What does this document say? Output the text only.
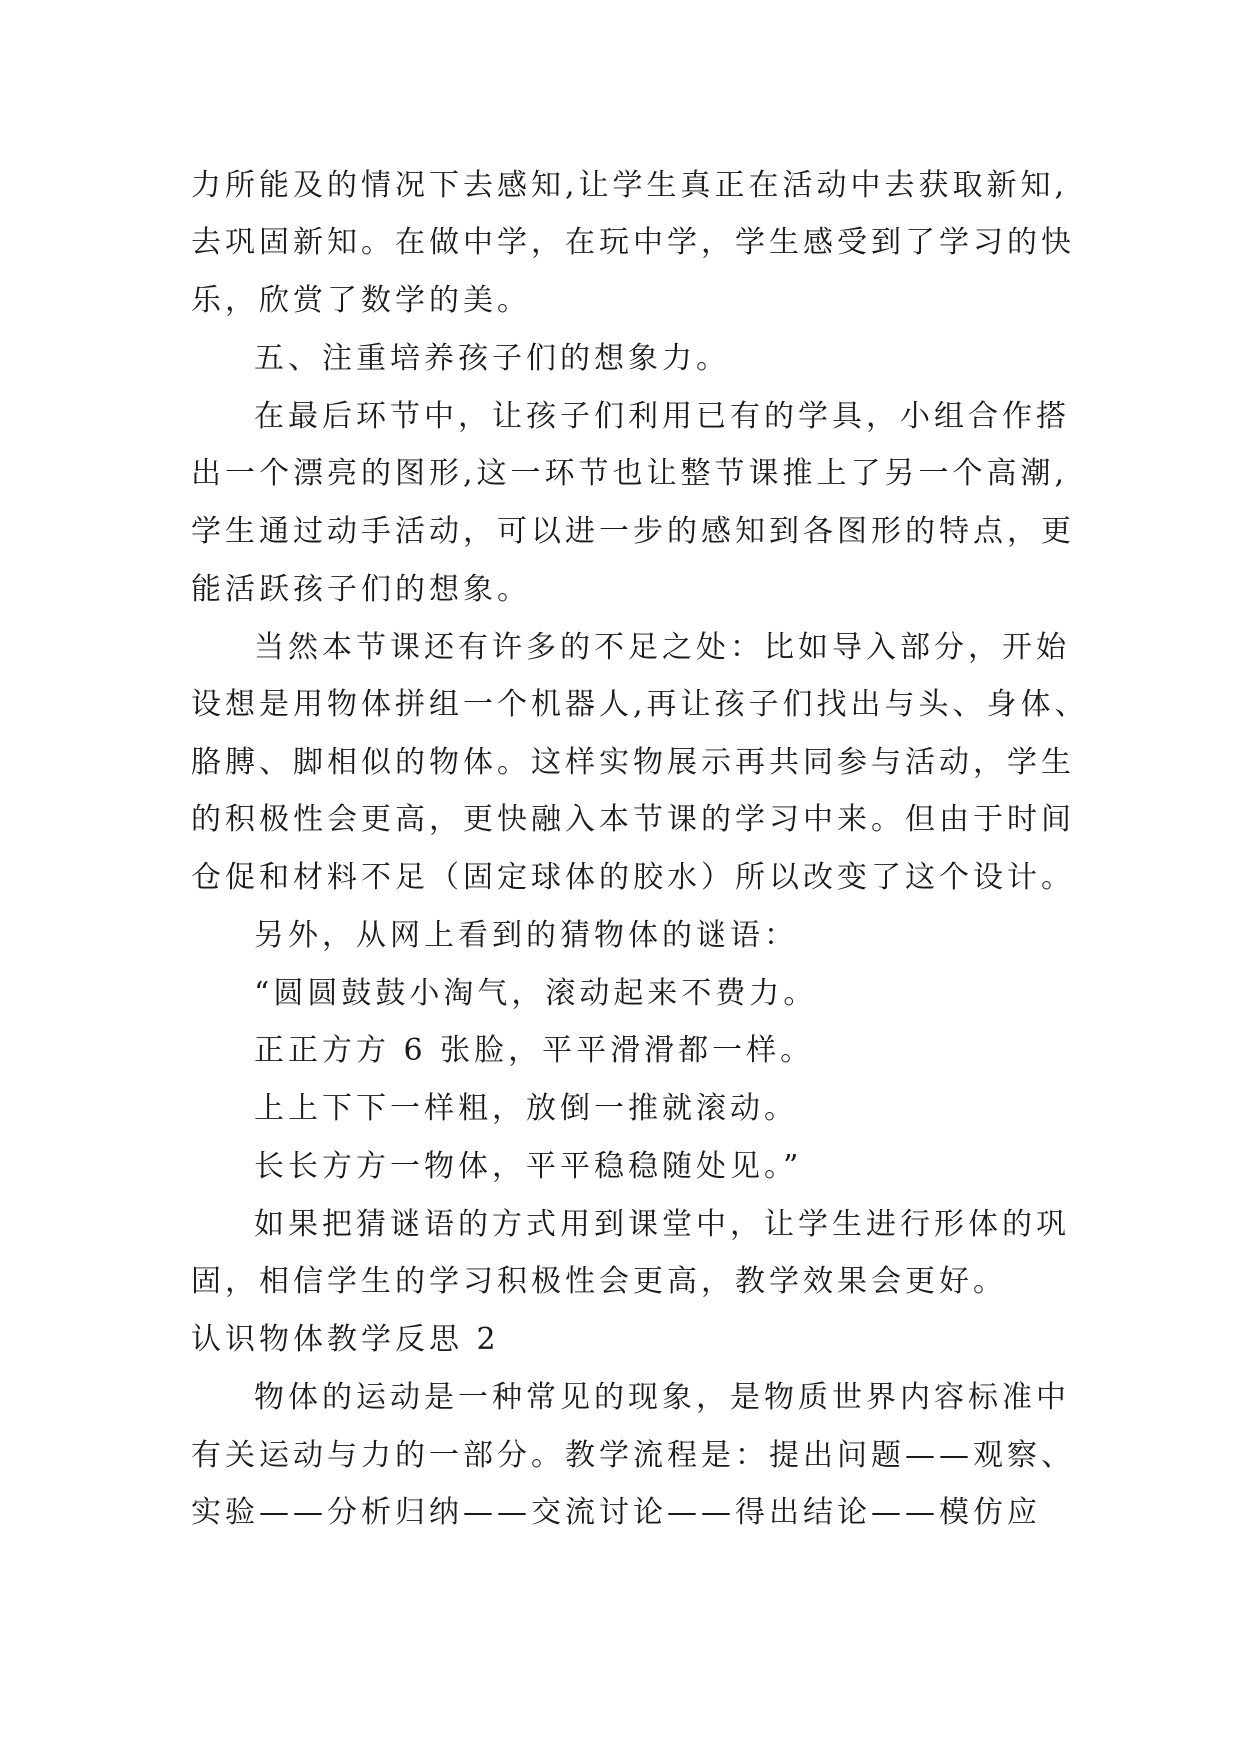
力所能及的情况下去感知,让学生真正在活动中去获取新知,
去巩固新知。在做中学，在玩中学，学生感受到了学习的快
乐，欣赏了数学的美。
五、注重培养孩子们的想象力。
在最后环节中，让孩子们利用已有的学具，小组合作搭
出一个漂亮的图形,这一环节也让整节课推上了另一个高潮,
学生通过动手活动，可以进一步的感知到各图形的特点，更
能活跃孩子们的想象。
当然本节课还有许多的不足之处：比如导入部分，开始
设想是用物体拼组一个机器人,再让孩子们找出与头、身体、
胳膊、脚相似的物体。这样实物展示再共同参与活动，学生
的积极性会更高，更快融入本节课的学习中来。但由于时间
仓促和材料不足（固定球体的胶水）所以改变了这个设计。
另外，从网上看到的猜物体的谜语：
“圆圆鼓鼓小淘气，滚动起来不费力。
正正方方 6 张脸，平平滑滑都一样。
上上下下一样粗，放倒一推就滚动。
长长方方一物体，平平稳稳随处见。”
如果把猜谜语的方式用到课堂中，让学生进行形体的巩
固，相信学生的学习积极性会更高，教学效果会更好。
认识物体教学反思 2
物体的运动是一种常见的现象，是物质世界内容标准中
有关运动与力的一部分。教学流程是：提出问题——观察、
实验——分析归纳——交流讨论——得出结论——模仿应
